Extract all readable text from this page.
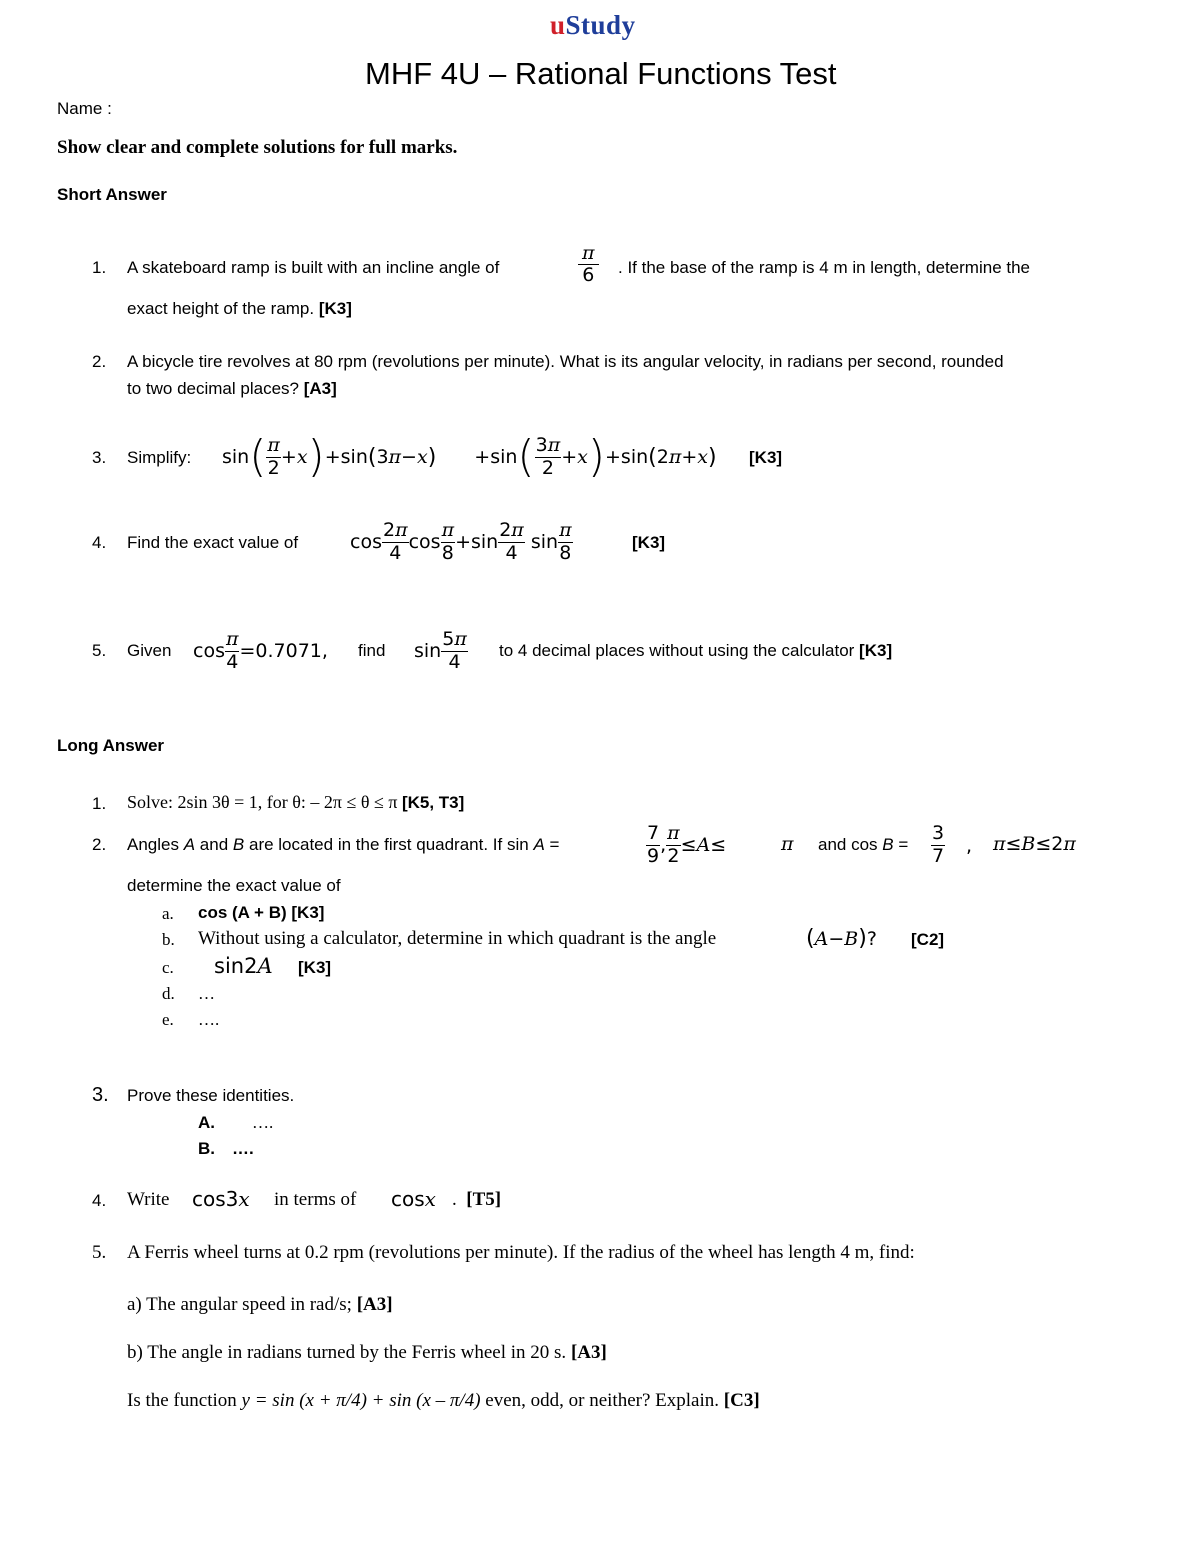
uStudy
MHF 4U – Rational Functions Test
Name :
Show clear and complete solutions for full marks.
Short Answer
1. A skateboard ramp is built with an incline angle of	$\frac{\pi}{6}$ . If the base of the ramp is 4 m in length, determine the
exact height of the ramp. [K3]
2. A bicycle tire revolves at 80 rpm (revolutions per minute). What is its angular velocity, in radians per second, rounded
to two decimal places? [A3]
3. Simplify: sin ( $\frac{\pi}{2} + x$ ) +sin ( 3 π − x ) +sin ( $\frac{3\pi}{2} + x$ ) +sin ( 2 π + x ) [K3]
4. Find the exact value of	$\cos \frac{2\pi}{4}$ $\cos \frac{\pi}{8} +\sin \frac{2\pi}{4}$ $\sin \frac{\pi}{8}$	[K3]
5. Given $\cos \frac{\pi}{4} =0.7071$, find $\sin \frac{5\pi}{4}$ to 4 decimal places without using the calculator [K3]
Long Answer
1. Solve: 2sin 3θ = 1, for θ: – 2π ≤ θ ≤ π [K5, T3]
2. Angles A and B are located in the first quadrant. If sin A =	$\frac{7}{9}$ , $\frac{\pi}{2} \le A$ ≤	π and $\cos B = \frac{3}{7}$ , π≤B≤2π
determine the exact value of
a. cos (A + B) [K3]
b. Without using a calculator, determine in which quadrant is the angle	(A−B)? [C2]
c. sin2A [K3]
d. …
e. ….
3. Prove these identities.
A. ….
B. ….
4. Write cos3x in terms of cosx . [T5]
5. A Ferris wheel turns at 0.2 rpm (revolutions per minute). If the radius of the wheel has length 4 m, find:
a) The angular speed in rad/s; [A3]
b) The angle in radians turned by the Ferris wheel in 20 s. [A3]
Is the function y = sin (x + π/4) + sin (x – π/4) even, odd, or neither? Explain. [C3]
